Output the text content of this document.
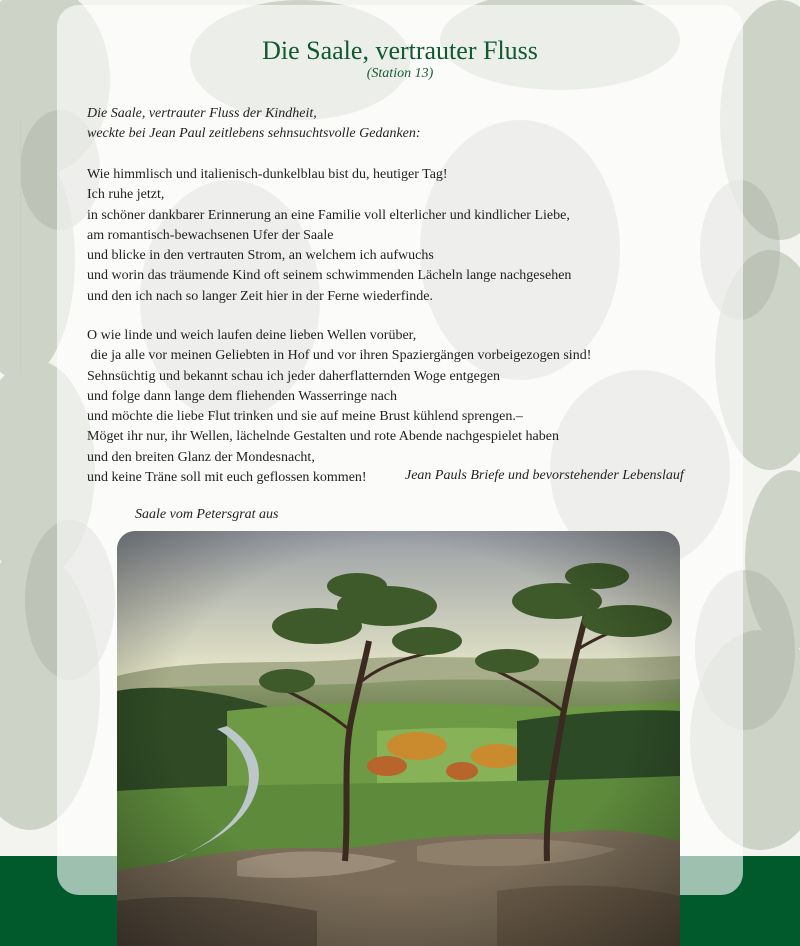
Die Saale, vertrauter Fluss
(Station 13)
Die Saale, vertrauter Fluss der Kindheit,
weckte bei Jean Paul zeitlebens sehnsuchtsvolle Gedanken:
Wie himmlisch und italienisch-dunkelblau bist du, heutiger Tag!
Ich ruhe jetzt,
in schöner dankbarer Erinnerung an eine Familie voll elterlicher und kindlicher Liebe,
am romantisch-bewachsenen Ufer der Saale
und blicke in den vertrauten Strom, an welchem ich aufwuchs
und worin das träumende Kind oft seinem schwimmenden Lächeln lange nachgesehen
und den ich nach so langer Zeit hier in der Ferne wiederfinde.
O wie linde und weich laufen deine lieben Wellen vorüber,
die ja alle vor meinen Geliebten in Hof und vor ihren Spaziergängen vorbeigezogen sind!
Sehnsüchtig und bekannt schau ich jeder daherflatternden Woge entgegen
und folge dann lange dem fliehenden Wasserringe nach
und möchte die liebe Flut trinken und sie auf meine Brust kühlend sprengen.–
Möget ihr nur, ihr Wellen, lächelnde Gestalten und rote Abende nachgespielet haben
und den breiten Glanz der Mondesnacht,
und keine Träne soll mit euch geflossen kommen!	Jean Pauls Briefe und bevorstehender Lebenslauf
Saale vom Petersgrat aus
